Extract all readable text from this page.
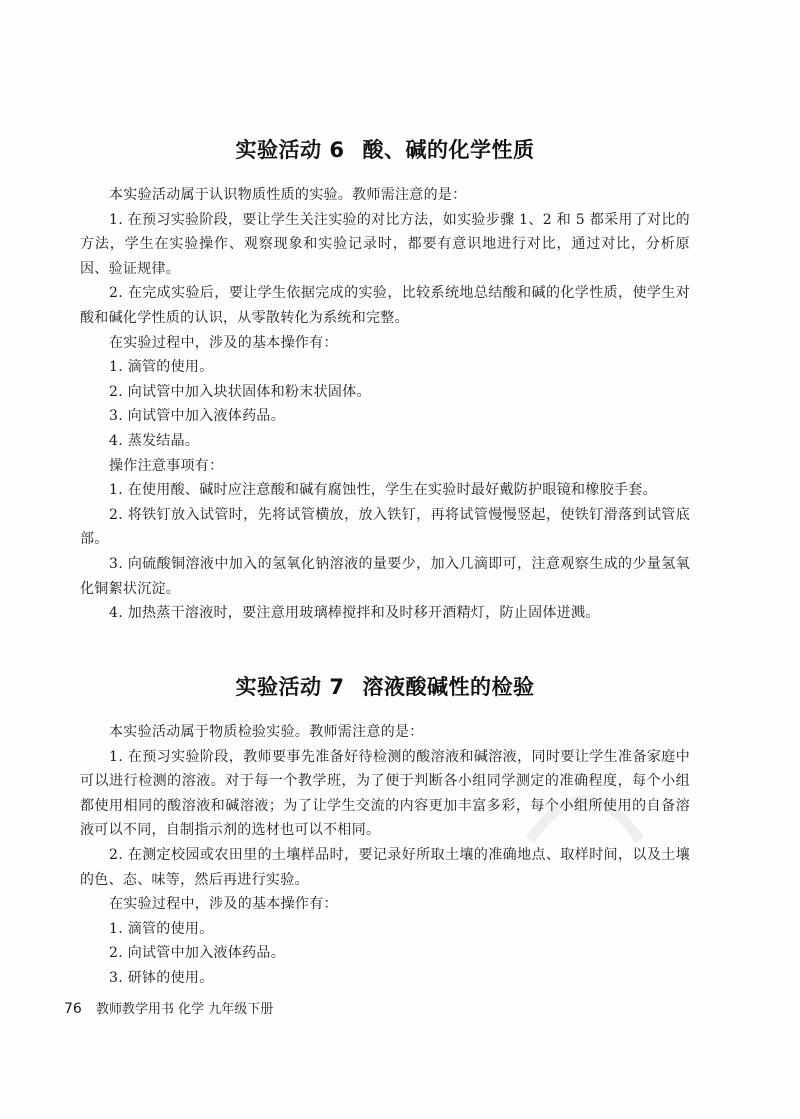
实验活动 6 酸、碱的化学性质

本实验活动属于认识物质性质的实验。教师需注意的是：

1. 在预习实验阶段，要让学生关注实验的对比方法，如实验步骤 1、2 和 5 都采用了对比的方法，学生在实验操作、观察现象和实验记录时，都要有意识地进行对比，通过对比，分析原因、验证规律。

2. 在完成实验后，要让学生依据完成的实验，比较系统地总结酸和碱的化学性质，使学生对酸和碱化学性质的认识，从零散转化为系统和完整。

在实验过程中，涉及的基本操作有：

1. 滴管的使用。

2. 向试管中加入块状固体和粉末状固体。

3. 向试管中加入液体药品。

4. 蒸发结晶。

操作注意事项有：

1. 在使用酸、碱时应注意酸和碱有腐蚀性，学生在实验时最好戴防护眼镜和橡胶手套。

2. 将铁钉放入试管时，先将试管横放，放入铁钉，再将试管慢慢竖起，使铁钉滑落到试管底部。

3. 向硫酸铜溶液中加入的氢氧化钠溶液的量要少，加入几滴即可，注意观察生成的少量氢氧化铜絮状沉淀。

4. 加热蒸干溶液时，要注意用玻璃棒搅拌和及时移开酒精灯，防止固体迸溅。

实验活动 7 溶液酸碱性的检验

本实验活动属于物质检验实验。教师需注意的是：

1. 在预习实验阶段，教师要事先准备好待检测的酸溶液和碱溶液，同时要让学生准备家庭中可以进行检测的溶液。对于每一个教学班，为了便于判断各小组同学测定的准确程度，每个小组都使用相同的酸溶液和碱溶液；为了让学生交流的内容更加丰富多彩，每个小组所使用的自备溶液可以不同，自制指示剂的选材也可以不相同。

2. 在测定校园或农田里的土壤样品时，要记录好所取土壤的准确地点、取样时间，以及土壤的色、态、味等，然后再进行实验。

在实验过程中，涉及的基本操作有：

1. 滴管的使用。

2. 向试管中加入液体药品。

3. 研钵的使用。

76 教师教学用书 化学 九年级下册
